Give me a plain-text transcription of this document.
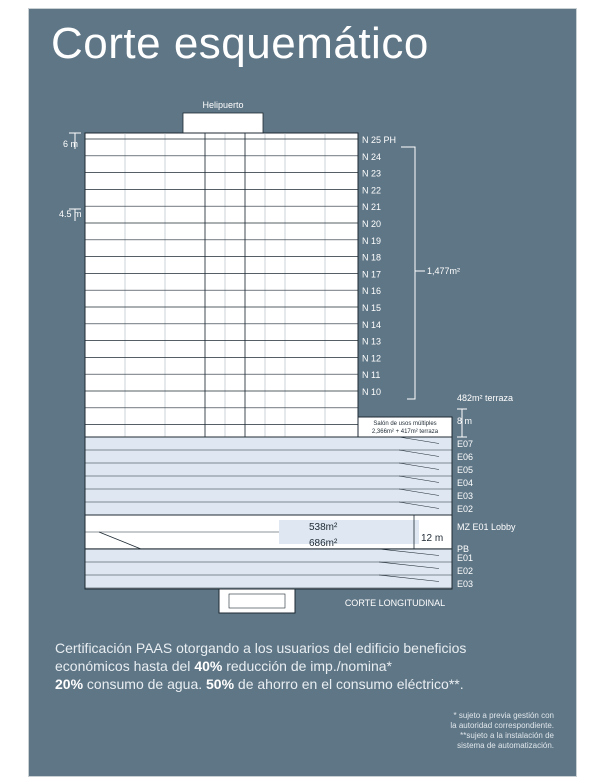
Corte esquemático
Helipuerto
N 25 PH
N 24
N 23
N 22
N 21
N 20
N 19
N 18
N 17
N 16
N 15
N 14
N 13
N 12
N 11
N 10
Salón de usos múltiples
2,366m² + 417m² terraza
E07
E06
E05
E04
E03
E02
538m²
686m²	12 m
MZ E01 Lobby
PB
E01
E02
E03
6 m
4.5 m
1,477m²
482m² terraza
8 m
CORTE LONGITUDINAL

Certificación PAAS otorgando a los usuarios del edificio beneficios
económicos hasta del 40% reducción de imp./nomina*
20% consumo de agua. 50% de ahorro en el consumo eléctrico**.

* sujeto a previa gestión con
la autoridad correspondiente.
**sujeto a la instalación de
sistema de automatización.
